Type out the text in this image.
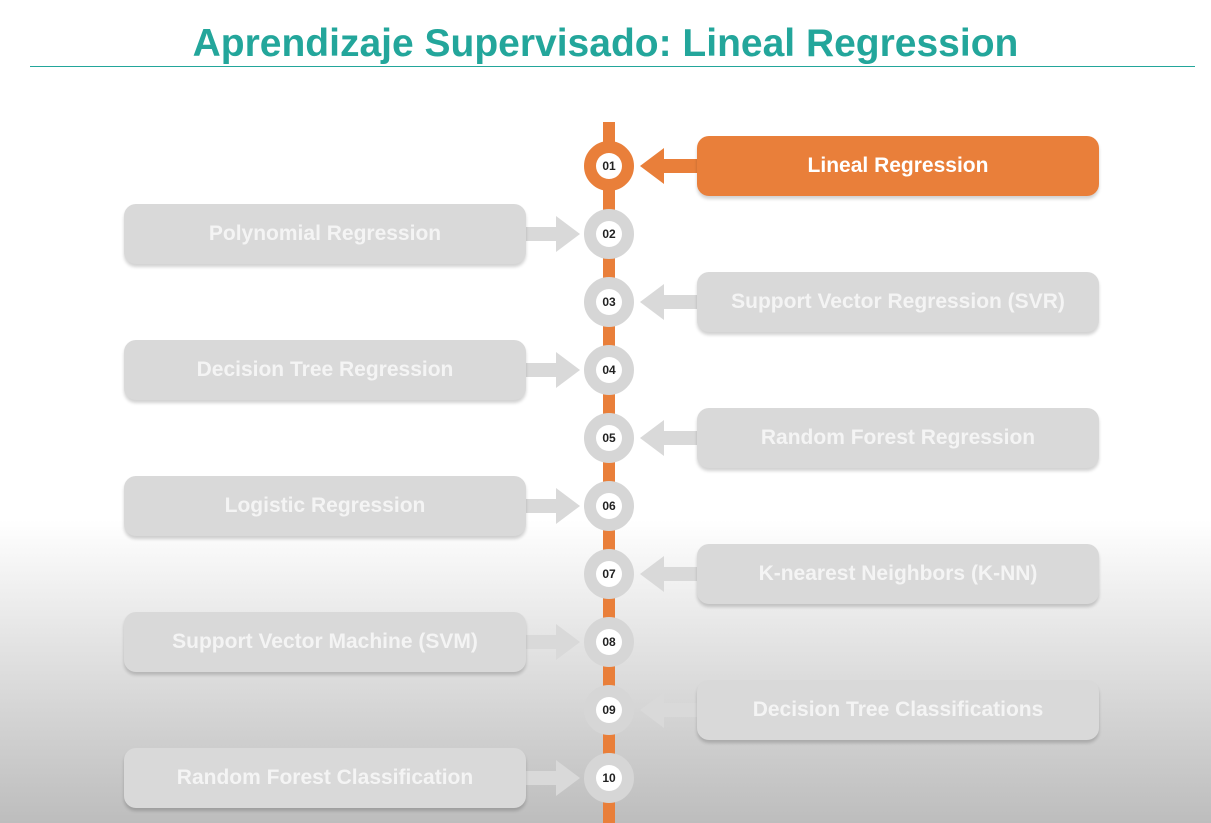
Aprendizaje Supervisado: Lineal Regression
Lineal Regression
01
Polynomial Regression	02
Support Vector Regression (SVR)
03
Decision Tree Regression	04
Random Forest Regression
05
Logistic Regression	06
K-nearest Neighbors (K-NN)
07
Support Vector Machine (SVM)	08
Decision Tree Classifications
09
Random Forest Classification	10
